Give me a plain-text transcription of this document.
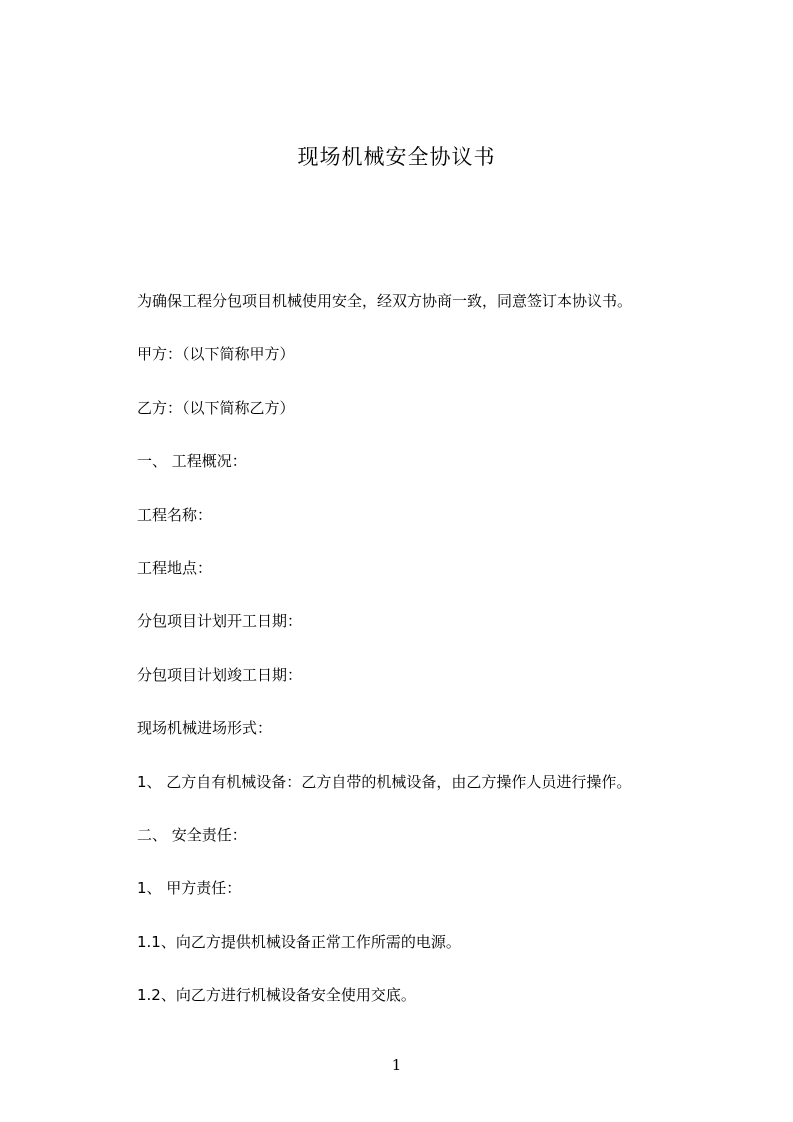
现场机械安全协议书
为确保工程分包项目机械使用安全，经双方协商一致，同意签订本协议书。
甲方：（以下简称甲方）
乙方：（以下简称乙方）
一、 工程概况：
工程名称：
工程地点：
分包项目计划开工日期：
分包项目计划竣工日期：
现场机械进场形式：
1、 乙方自有机械设备：乙方自带的机械设备，由乙方操作人员进行操作。
二、 安全责任：
1、 甲方责任：
1.1、向乙方提供机械设备正常工作所需的电源。
1.2、向乙方进行机械设备安全使用交底。
1
